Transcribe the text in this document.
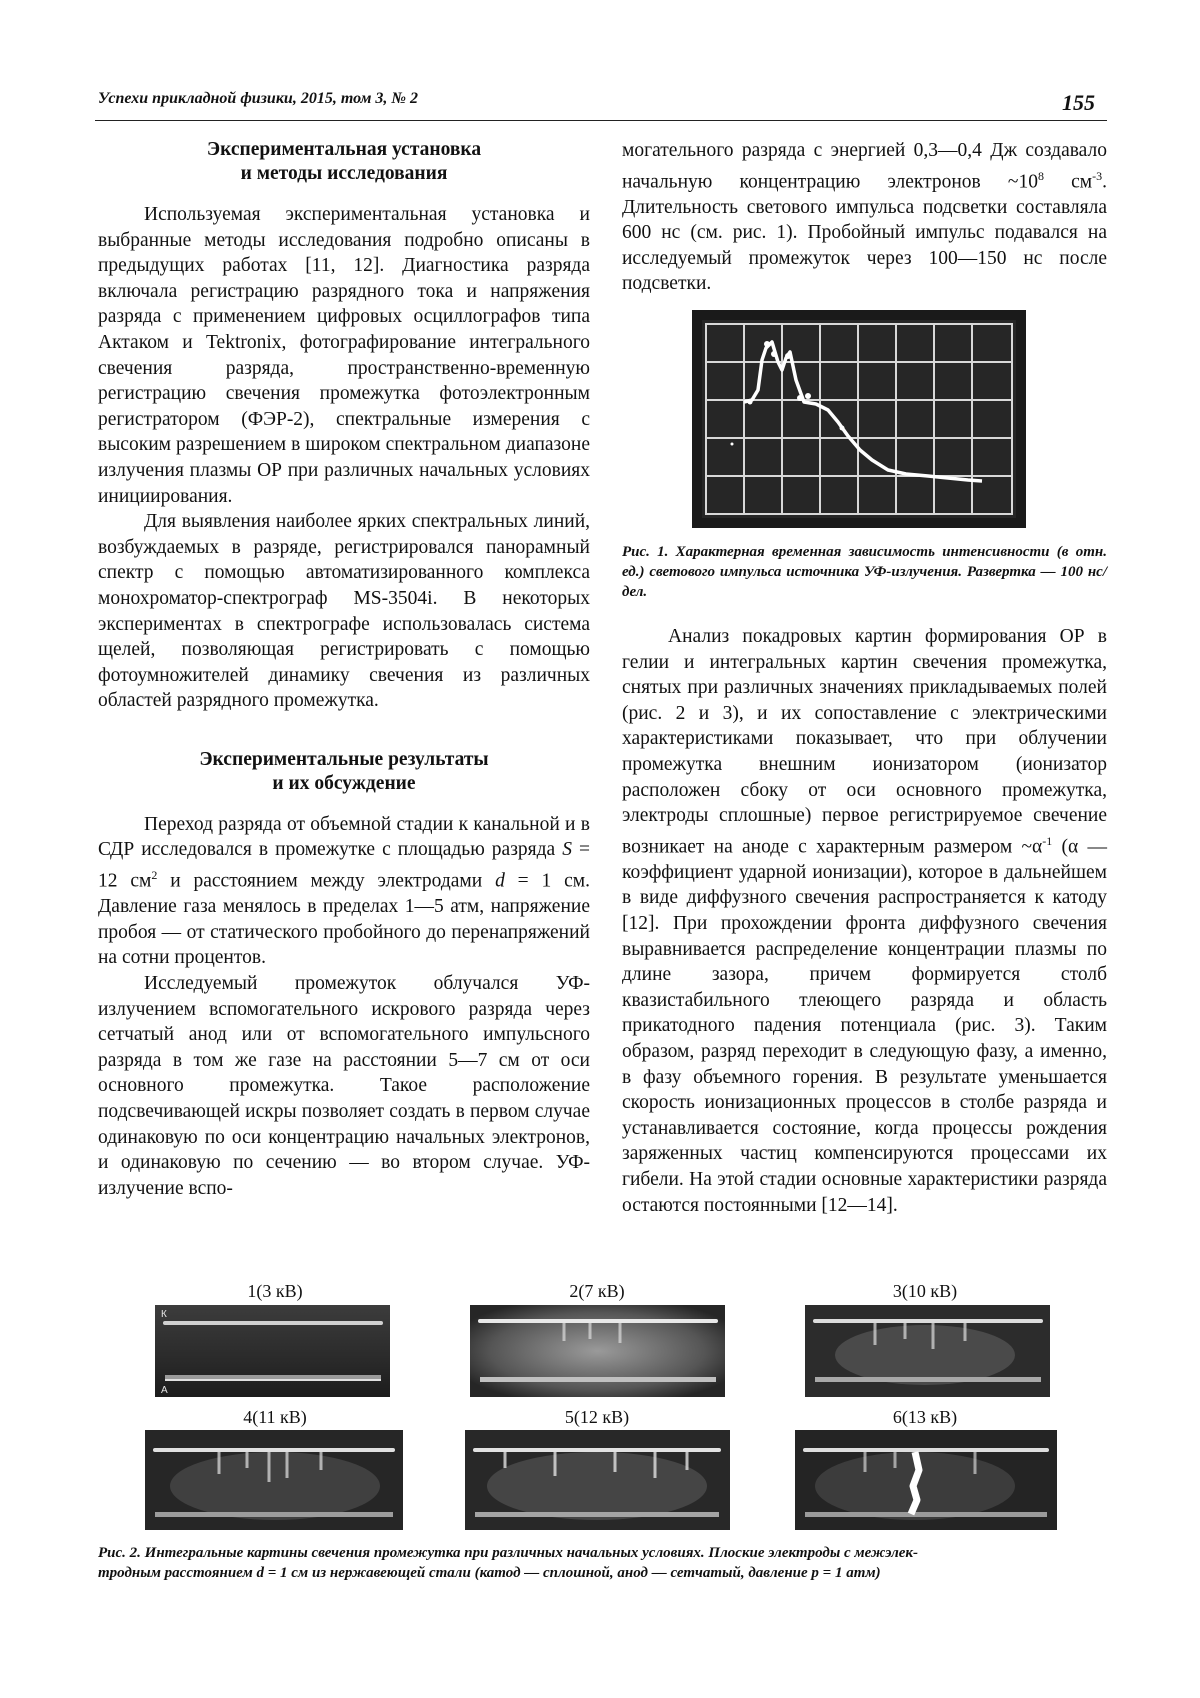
Успехи прикладной физики, 2015, том 3, № 2	155
Экспериментальная установка
и методы исследования

Используемая экспериментальная установка и выбранные методы исследования подробно описаны в предыдущих работах [11, 12]. Диагностика разряда включала регистрацию разрядного тока и напряжения разряда с применением цифровых осциллографов типа Актаком и Tektronix, фотографирование интегрального свечения разряда, пространственно-временную регистрацию свечения промежутка фотоэлектронным регистратором (ФЭР-2), спектральные измерения с высоким разрешением в широком спектральном диапазоне излучения плазмы ОР при различных начальных условиях инициирования.

Для выявления наиболее ярких спектральных линий, возбуждаемых в разряде, регистрировался панорамный спектр с помощью автоматизированного комплекса монохроматор-спектрограф MS-3504i. В некоторых экспериментах в спектрографе использовалась система щелей, позволяющая регистрировать с помощью фотоумножителей динамику свечения из различных областей разрядного промежутка.

Экспериментальные результаты
и их обсуждение

Переход разряда от объемной стадии к канальной и в СДР исследовался в промежутке с площадью разряда S = 12 $см^2$ и расстоянием между электродами d = 1 см. Давление газа менялось в пределах 1—5 атм, напряжение пробоя — от статического пробойного до перенапряжений на сотни процентов.

Исследуемый промежуток облучался УФ-излучением вспомогательного искрового разряда через сетчатый анод или от вспомогательного импульсного разряда в том же газе на расстоянии 5—7 см от оси основного промежутка. Такое расположение подсвечивающей искры позволяет создать в первом случае одинаковую по оси концентрацию начальных электронов, и одинаковую по сечению — во втором случае. УФ-излучение вспо-

могательного разряда с энергией 0,3—0,4 Дж создавало начальную концентрацию электронов $\sim 10^8$ $см^{-3}$. Длительность светового импульса подсветки составляла 600 нс (см. рис. 1). Пробойный импульс подавался на исследуемый промежуток через 100—150 нс после подсветки.

Рис. 1. Характерная временная зависимость интенсивности (в отн. ед.) светового импульса источника УФ-излучения. Развертка — 100 нс/дел.

Анализ покадровых картин формирования ОР в гелии и интегральных картин свечения промежутка, снятых при различных значениях прикладываемых полей (рис. 2 и 3), и их сопоставление с электрическими характеристиками показывает, что при облучении промежутка внешним ионизатором (ионизатор расположен сбоку от оси основного промежутка, электроды сплошные) первое регистрируемое свечение возникает на аноде с характерным размером $\sim\alpha^{-1}$ (α — коэффициент ударной ионизации), которое в дальнейшем в виде диффузного свечения распространяется к катоду [12]. При прохождении фронта диффузного свечения выравнивается распределение концентрации плазмы по длине зазора, причем формируется столб квазистабильного тлеющего разряда и область прикатодного падения потенциала (рис. 3). Таким образом, разряд переходит в следующую фазу, а именно, в фазу объемного горения. В результате уменьшается скорость ионизационных процессов в столбе разряда и устанавливается состояние, когда процессы рождения заряженных частиц компенсируются процессами их гибели. На этой стадии основные характеристики разряда остаются постоянными [12—14].

1(3 кВ)	2(7 кВ)	3(10 кВ)
4(11 кВ)	5(12 кВ)	6(13 кВ)
К
А
Рис. 2. Интегральные картины свечения промежутка при различных начальных условиях. Плоские электроды с межэлек-
тродным расстоянием d = 1 см из нержавеющей стали (катод — сплошной, анод — сетчатый, давление p = 1 атм)
